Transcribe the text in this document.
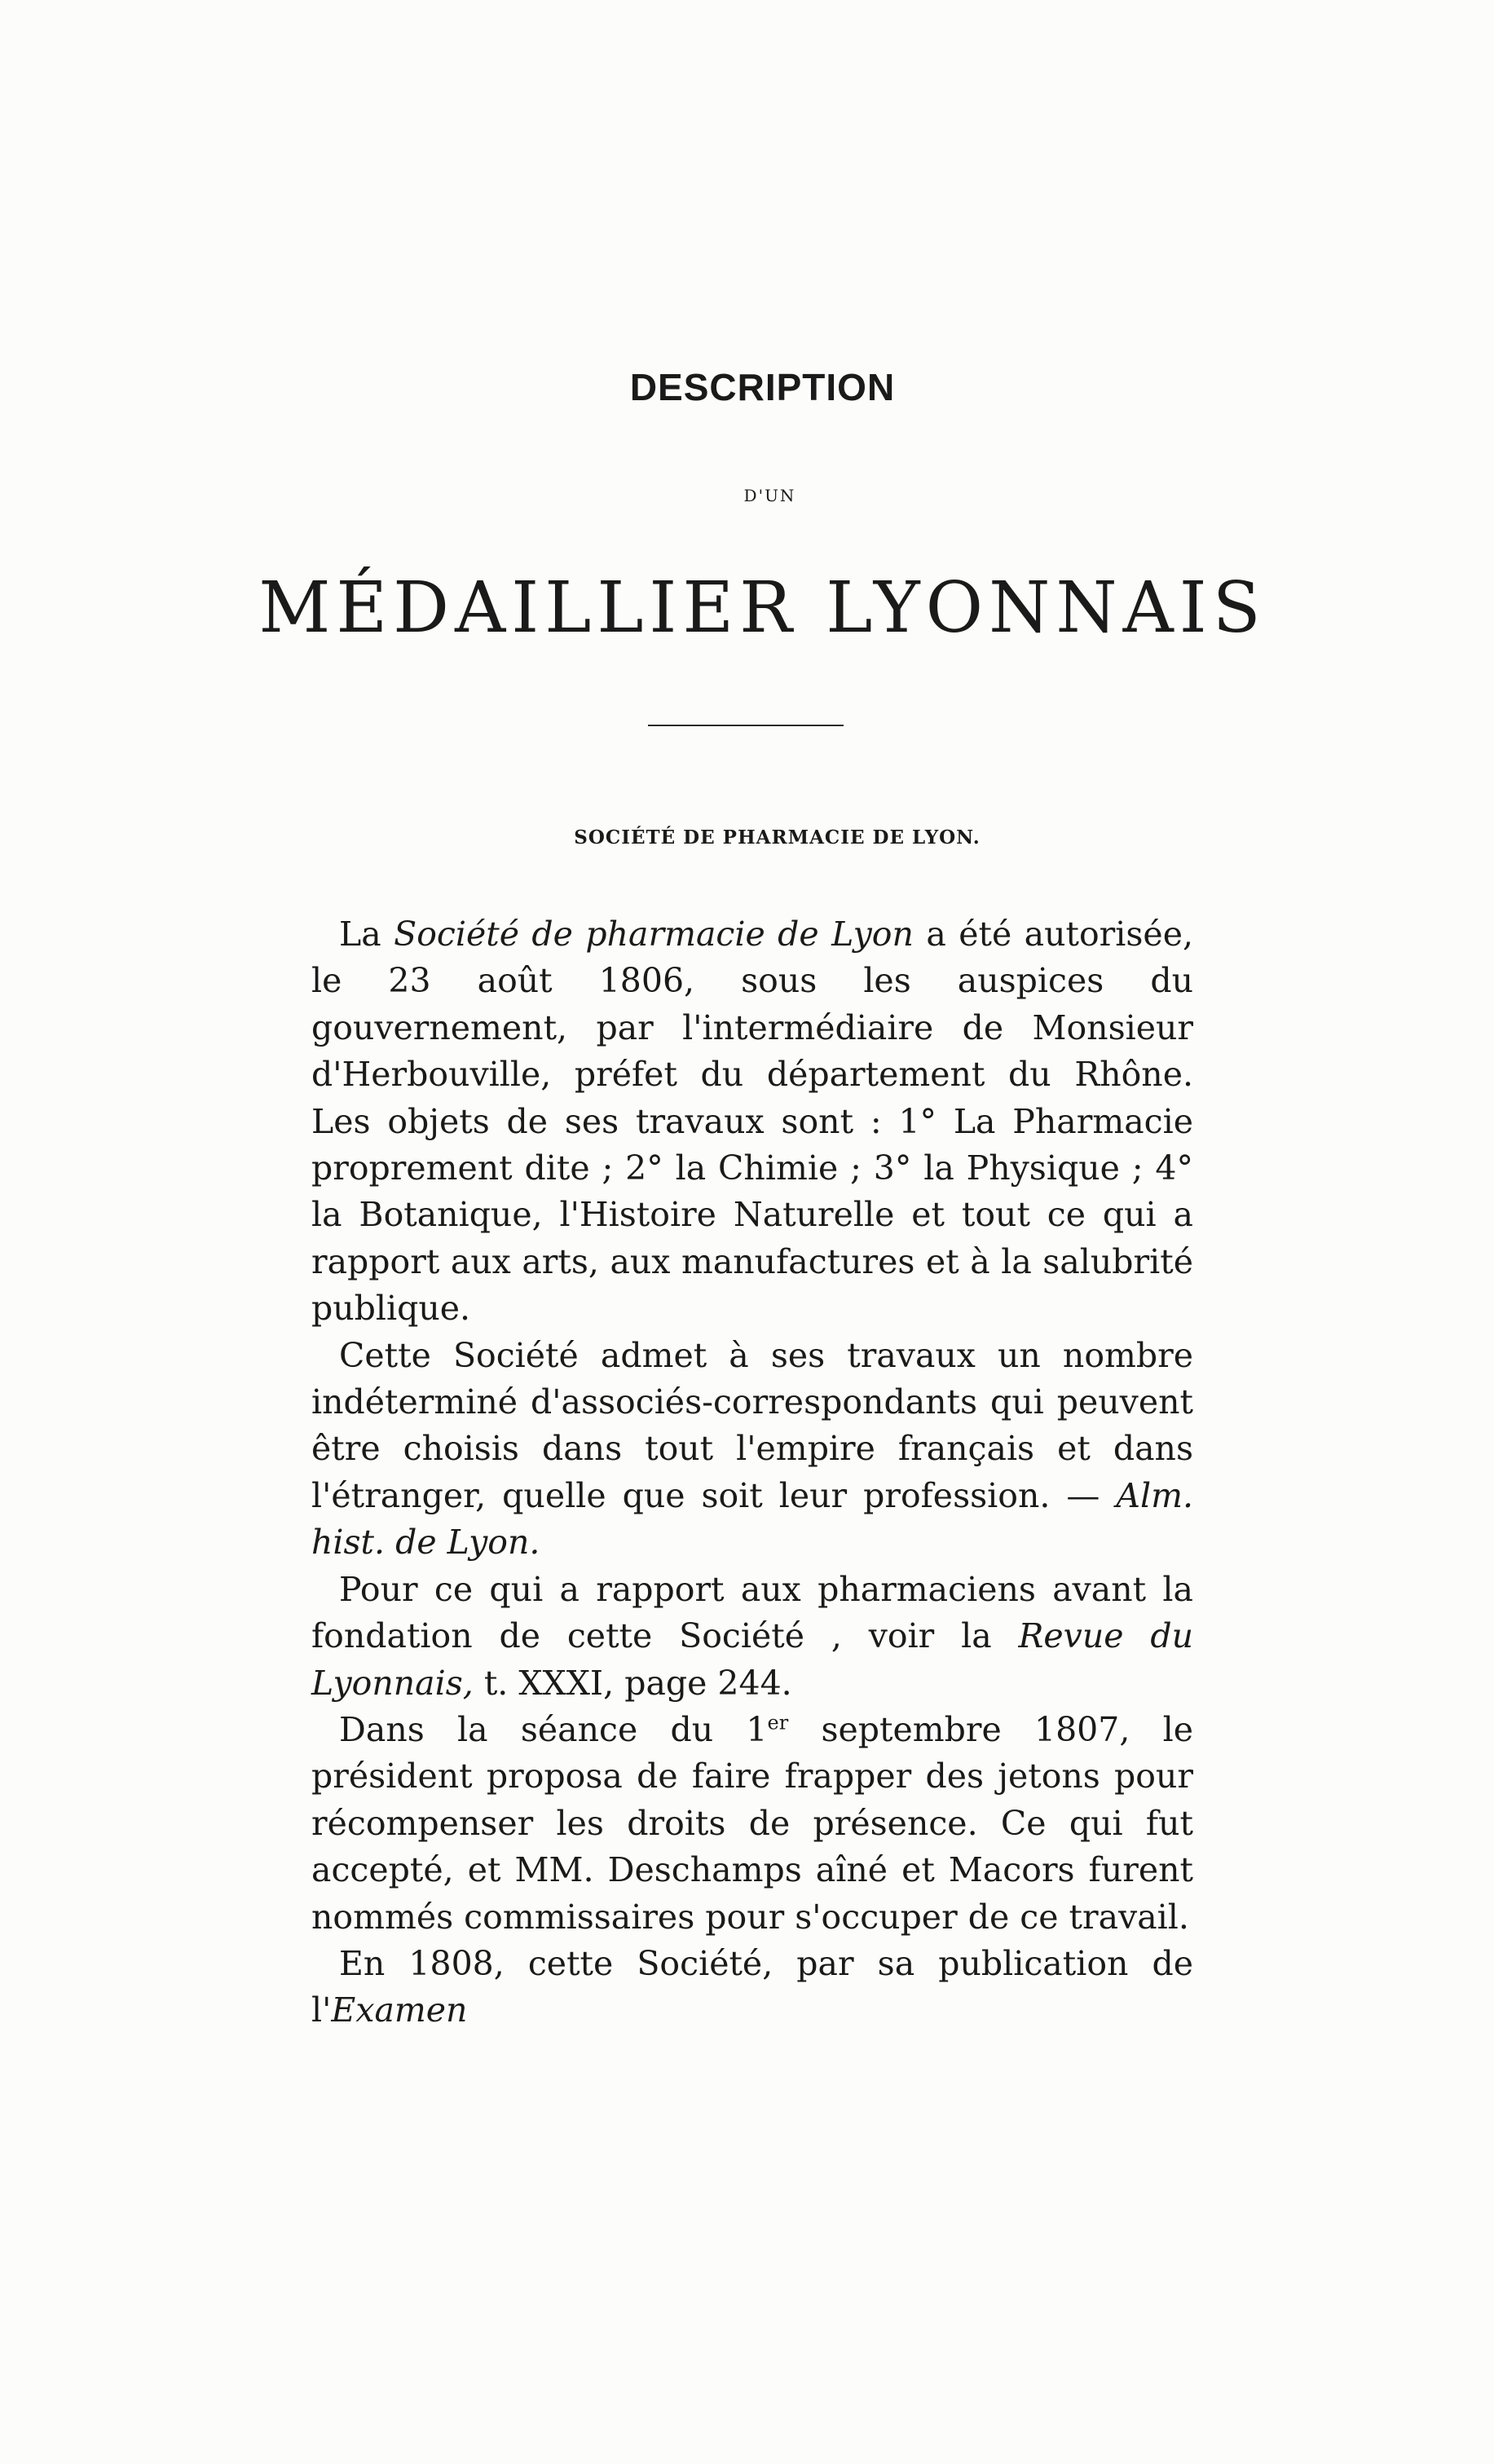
DESCRIPTION
D'UN
MÉDAILLIER LYONNAIS
SOCIÉTÉ DE PHARMACIE DE LYON.

La Société de pharmacie de Lyon a été autorisée, le 23 août 1806, sous les auspices du gouvernement, par l'intermédiaire de Monsieur d'Herbouville, préfet du département du Rhône. Les objets de ses travaux sont : 1° La Pharmacie proprement dite ; 2° la Chimie ; 3° la Physique ; 4° la Botanique, l'Histoire Naturelle et tout ce qui a rapport aux arts, aux manufactures et à la salubrité publique.

Cette Société admet à ses travaux un nombre indéterminé d'associés-correspondants qui peuvent être choisis dans tout l'empire français et dans l'étranger, quelle que soit leur profession. — Alm. hist. de Lyon.

Pour ce qui a rapport aux pharmaciens avant la fondation de cette Société , voir la Revue du Lyonnais, t. XXXI, page 244.

Dans la séance du 1er septembre 1807, le président proposa de faire frapper des jetons pour récompenser les droits de présence. Ce qui fut accepté, et MM. Deschamps aîné et Macors furent nommés commissaires pour s'occuper de ce travail.

En 1808, cette Société, par sa publication de l'Examen
